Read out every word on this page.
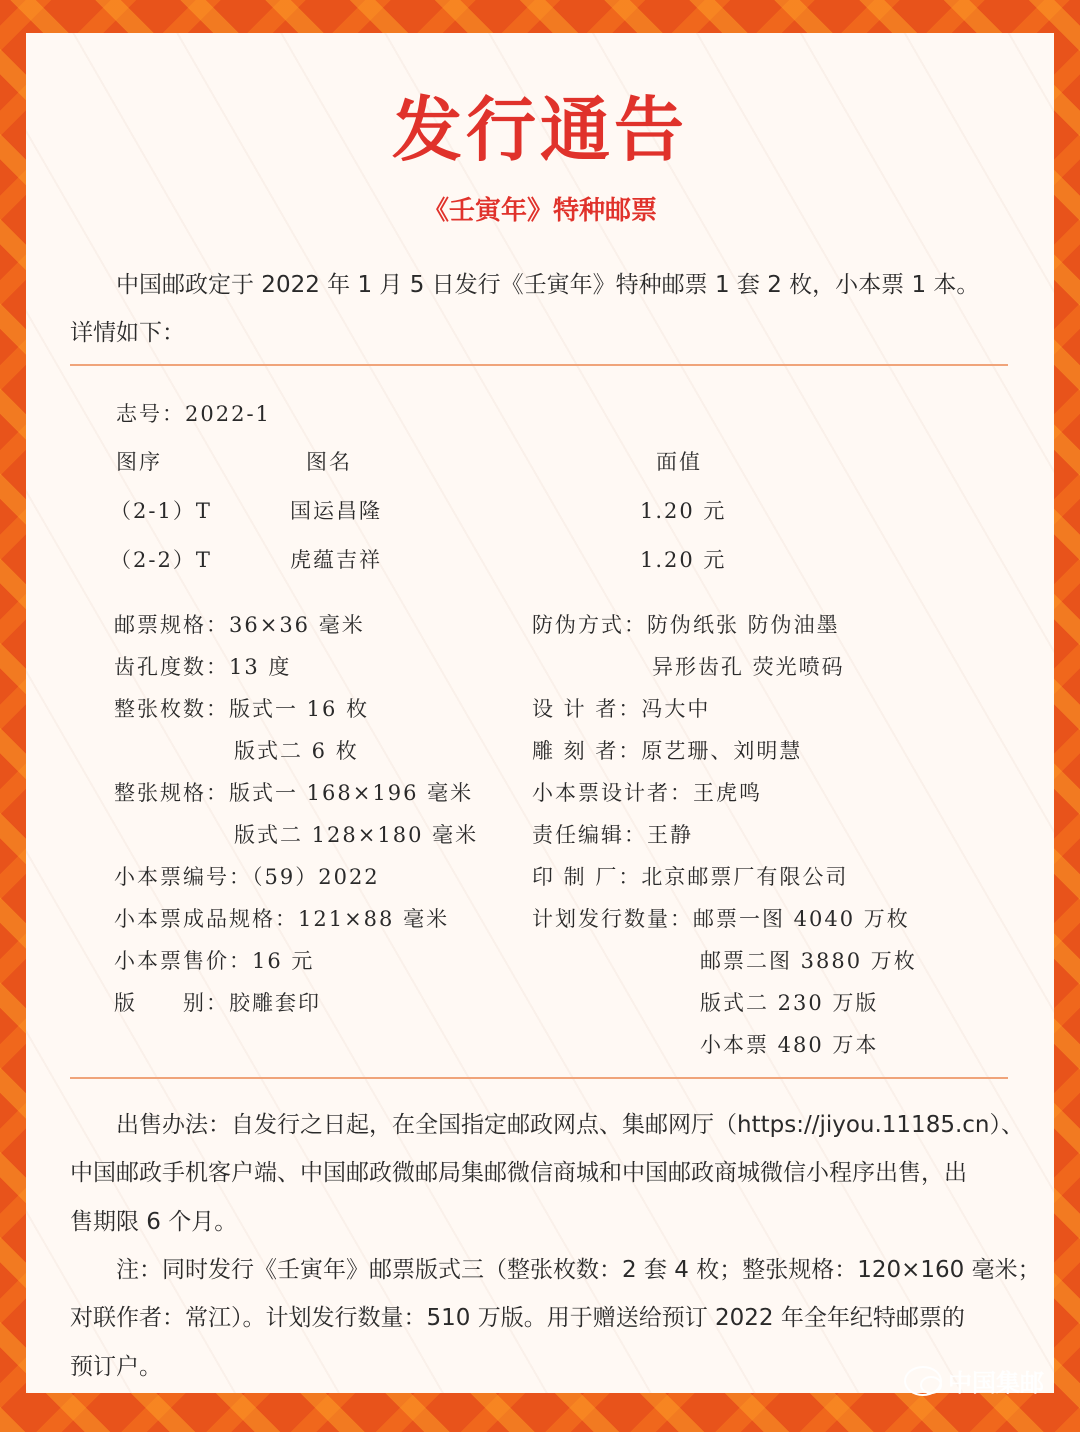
发行通告
《壬寅年》特种邮票
中国邮政定于 2022 年 1 月 5 日发行《壬寅年》特种邮票 1 套 2 枚，小本票 1 本。
详情如下：
志号：2022-1
图序	图名	面值
（2-1）T	国运昌隆	1.20 元
（2-2）T	虎蕴吉祥	1.20 元
邮票规格：36×36 毫米
齿孔度数：13 度
整张枚数：版式一 16 枚
版式二 6 枚
整张规格：版式一 168×196 毫米
版式二 128×180 毫米
小本票编号：（59）2022
小本票成品规格：121×88 毫米
小本票售价：16 元
版　　别：胶雕套印
防伪方式：防伪纸张 防伪油墨
异形齿孔 荧光喷码
设 计 者：冯大中
雕 刻 者：原艺珊、刘明慧
小本票设计者：王虎鸣
责任编辑：王静
印 制 厂：北京邮票厂有限公司
计划发行数量：邮票一图 4040 万枚
邮票二图 3880 万枚
版式二 230 万版
小本票 480 万本
出售办法：自发行之日起，在全国指定邮政网点、集邮网厅（https://jiyou.11185.cn）、
中国邮政手机客户端、中国邮政微邮局集邮微信商城和中国邮政商城微信小程序出售，出
售期限 6 个月。
注：同时发行《壬寅年》邮票版式三（整张枚数：2 套 4 枚；整张规格：120×160 毫米；
对联作者：常江）。计划发行数量：510 万版。用于赠送给预订 2022 年全年纪特邮票的
预订户。
中国集邮
